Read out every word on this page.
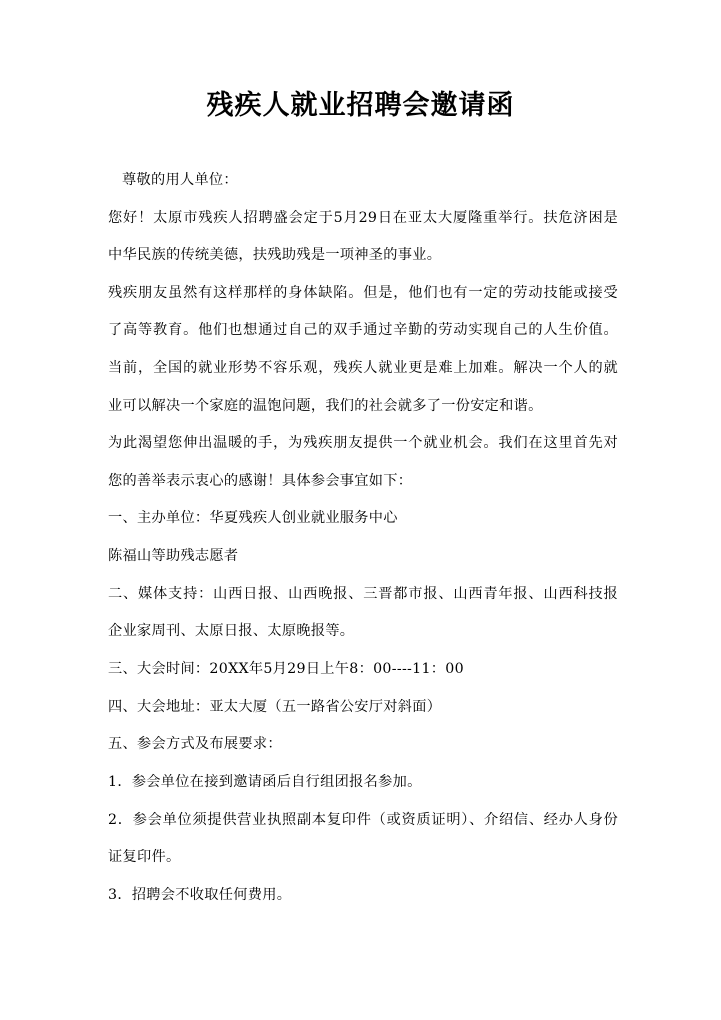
残疾人就业招聘会邀请函
尊敬的用人单位：
您好！太原市残疾人招聘盛会定于5月29日在亚太大厦隆重举行。扶危济困是
中华民族的传统美德，扶残助残是一项神圣的事业。
残疾朋友虽然有这样那样的身体缺陷。但是，他们也有一定的劳动技能或接受
了高等教育。他们也想通过自己的双手通过辛勤的劳动实现自己的人生价值。
当前，全国的就业形势不容乐观，残疾人就业更是难上加难。解决一个人的就
业可以解决一个家庭的温饱问题，我们的社会就多了一份安定和谐。
为此渴望您伸出温暖的手，为残疾朋友提供一个就业机会。我们在这里首先对
您的善举表示衷心的感谢！具体参会事宜如下：
一、主办单位：华夏残疾人创业就业服务中心
陈福山等助残志愿者
二、媒体支持：山西日报、山西晚报、三晋都市报、山西青年报、山西科技报
企业家周刊、太原日报、太原晚报等。
三、大会时间：20XX年5月29日上午8：00----11：00
四、大会地址：亚太大厦（五一路省公安厅对斜面）
五、参会方式及布展要求：
1．参会单位在接到邀请函后自行组团报名参加。
2．参会单位须提供营业执照副本复印件（或资质证明）、介绍信、经办人身份
证复印件。
3．招聘会不收取任何费用。
